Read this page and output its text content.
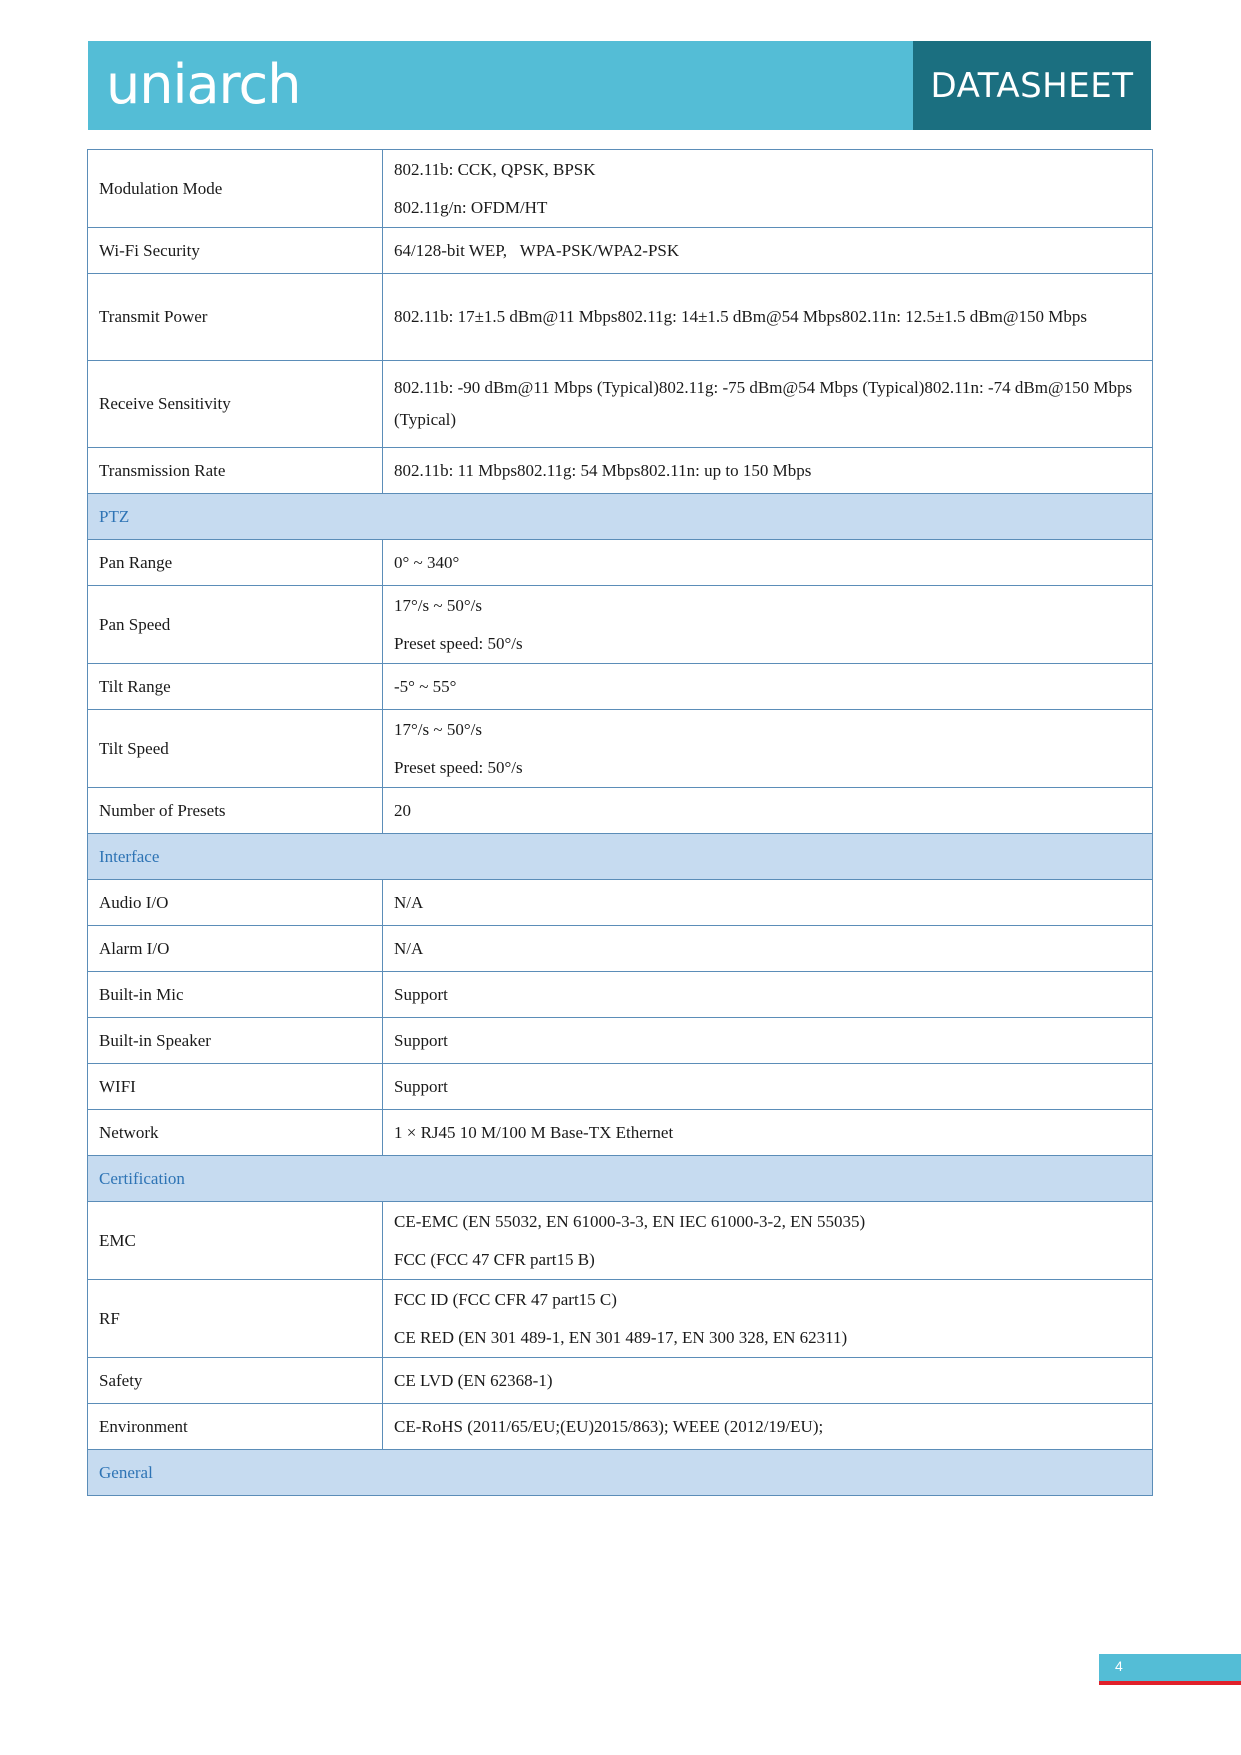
uniarch	DATASHEET
Modulation Mode	802.11b: CCK, QPSK, BPSK
802.11g/n: OFDM/HT

Wi-Fi Security	64/128-bit WEP,   WPA-PSK/WPA2-PSK
Transmit Power	802.11b: 17±1.5 dBm@11 Mbps802.11g: 14±1.5 dBm@54 Mbps802.11n: 12.5±1.5 dBm@150 Mbps
Receive Sensitivity	802.11b: -90 dBm@11 Mbps (Typical)802.11g: -75 dBm@54 Mbps (Typical)802.11n: -74 dBm@150 Mbps (Typical)
Transmission Rate	802.11b: 11 Mbps802.11g: 54 Mbps802.11n: up to 150 Mbps
PTZ	
Pan Range	0° ~ 340°
Pan Speed	17°/s ~ 50°/s
Preset speed: 50°/s

Tilt Range	-5° ~ 55°
Tilt Speed	17°/s ~ 50°/s
Preset speed: 50°/s

Number of Presets	20
Interface	
Audio I/O	N/A
Alarm I/O	N/A
Built-in Mic	Support
Built-in Speaker	Support
WIFI	Support
Network	1 × RJ45 10 M/100 M Base-TX Ethernet
Certification	
EMC	CE-EMC (EN 55032, EN 61000-3-3, EN IEC 61000-3-2, EN 55035)
FCC (FCC 47 CFR part15 B)

RF	FCC ID (FCC CFR 47 part15 C)
CE RED (EN 301 489-1, EN 301 489-17, EN 300 328, EN 62311)

Safety	CE LVD (EN 62368-1)
Environment	CE-RoHS (2011/65/EU;(EU)2015/863); WEEE (2012/19/EU);
General	
4
